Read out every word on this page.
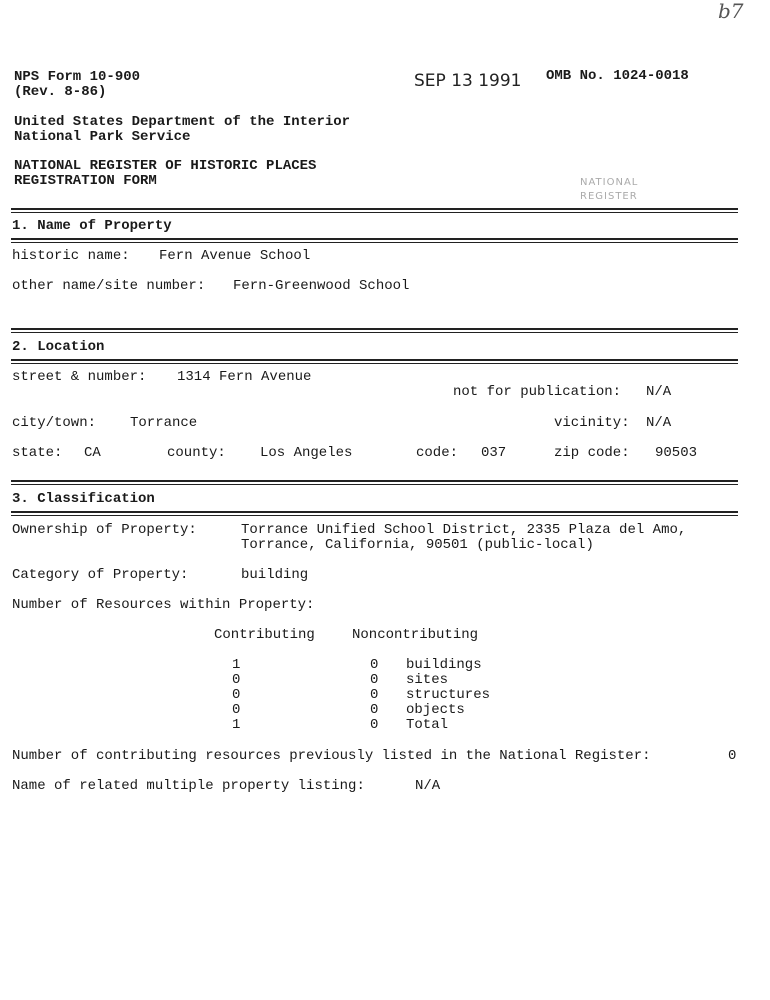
b7
NPS Form 10-900
(Rev. 8-86)
SEP 13 1991 OMB No. 1024-0018
United States Department of the Interior
National Park Service
NATIONAL REGISTER OF HISTORIC PLACES
REGISTRATION FORM	NATIONAL
REGISTER
1. Name of Property
historic name: Fern Avenue School
other name/site number: Fern-Greenwood School
2. Location
street & number: 1314 Fern Avenue
not for publication: N/A
city/town: Torrance	vicinity: N/A
state: CA	county: Los Angeles	code: 037	zip code: 90503
3. Classification
Ownership of Property:	Torrance Unified School District, 2335 Plaza del Amo,
Torrance, California, 90501 (public-local)
Category of Property:	building
Number of Resources within Property:
Contributing	Noncontributing
1	0 buildings
0	0 sites
0	0 structures
0	0 objects
1	0 Total
Number of contributing resources previously listed in the National Register:	0
Name of related multiple property listing:	N/A
